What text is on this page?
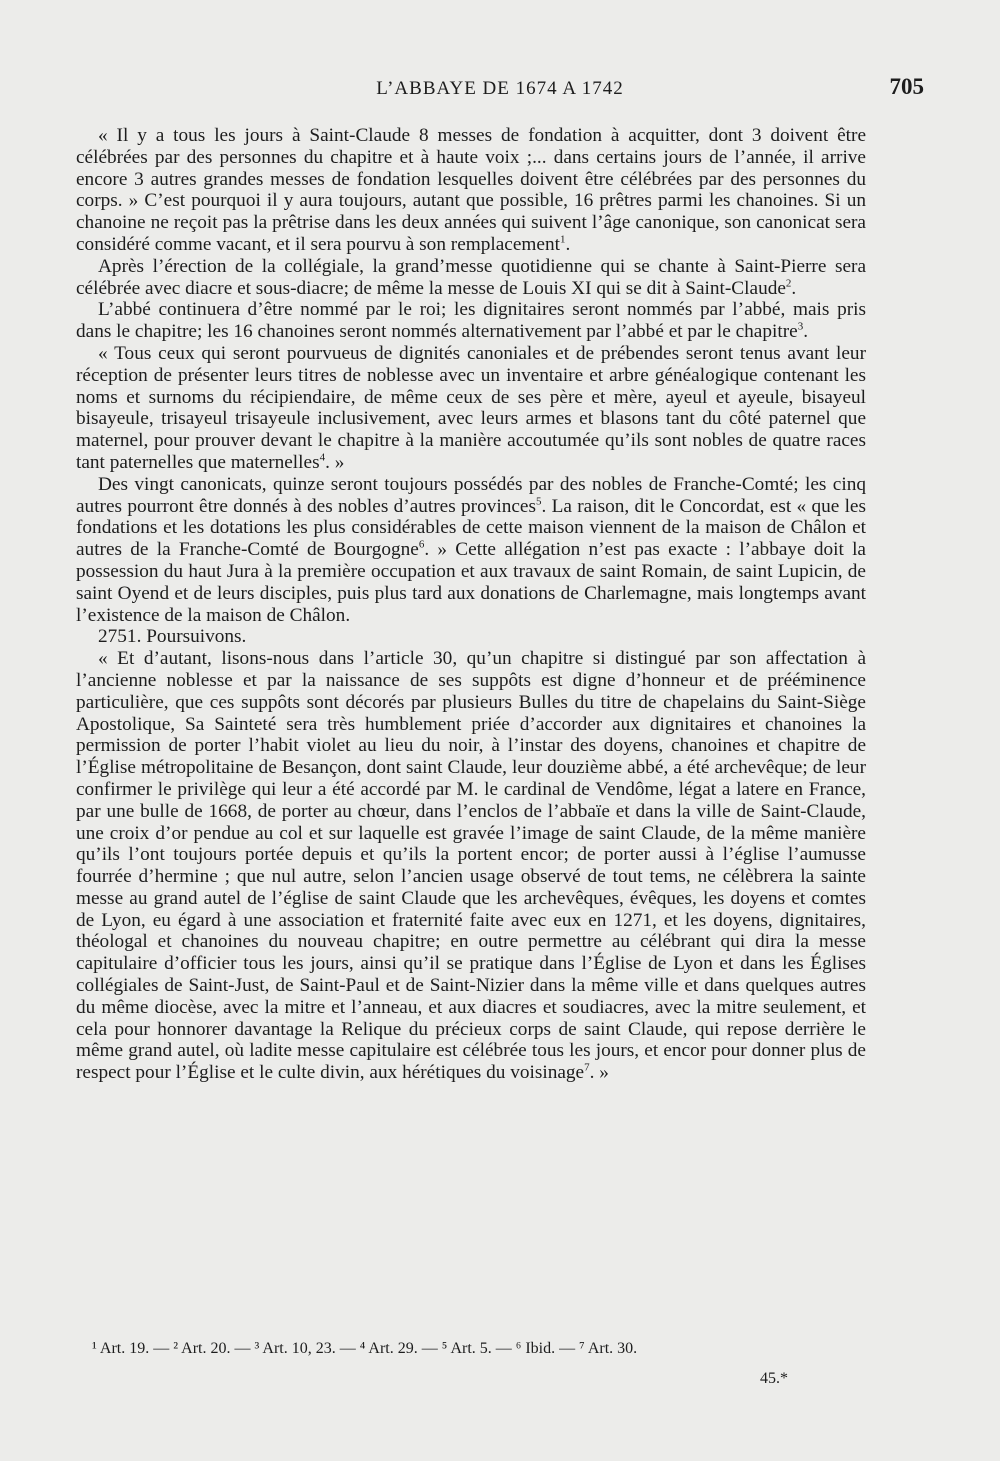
L’ABBAYE DE 1674 A 1742	705

« Il y a tous les jours à Saint-Claude 8 messes de fondation à acquitter, dont 3 doivent être célébrées par des personnes du chapitre et à haute voix ;... dans certains jours de l’année, il arrive encore 3 autres grandes messes de fondation lesquelles doivent être célébrées par des personnes du corps. » C’est pourquoi il y aura toujours, autant que possible, 16 prêtres parmi les chanoines. Si un chanoine ne reçoit pas la prêtrise dans les deux années qui suivent l’âge canonique, son canonicat sera considéré comme vacant, et il sera pourvu à son remplacement$^1$.

Après l’érection de la collégiale, la grand’messe quotidienne qui se chante à Saint-Pierre sera célébrée avec diacre et sous-diacre; de même la messe de Louis XI qui se dit à Saint-Claude$^2$.

L’abbé continuera d’être nommé par le roi; les dignitaires seront nommés par l’abbé, mais pris dans le chapitre; les 16 chanoines seront nommés alternativement par l’abbé et par le chapitre$^3$.

« Tous ceux qui seront pourvueus de dignités canoniales et de prébendes seront tenus avant leur réception de présenter leurs titres de noblesse avec un inventaire et arbre généalogique contenant les noms et surnoms du récipiendaire, de même ceux de ses père et mère, ayeul et ayeule, bisayeul bisayeule, trisayeul trisayeule inclusivement, avec leurs armes et blasons tant du côté paternel que maternel, pour prouver devant le chapitre à la manière accoutumée qu’ils sont nobles de quatre races tant paternelles que maternelles$^4$. »

Des vingt canonicats, quinze seront toujours possédés par des nobles de Franche-Comté; les cinq autres pourront être donnés à des nobles d’autres provinces$^5$. La raison, dit le Concordat, est « que les fondations et les dotations les plus considérables de cette maison viennent de la maison de Châlon et autres de la Franche-Comté de Bourgogne$^6$. » Cette allégation n’est pas exacte : l’abbaye doit la possession du haut Jura à la première occupation et aux travaux de saint Romain, de saint Lupicin, de saint Oyend et de leurs disciples, puis plus tard aux donations de Charlemagne, mais longtemps avant l’existence de la maison de Châlon.

2751. Poursuivons.

« Et d’autant, lisons-nous dans l’article 30, qu’un chapitre si distingué par son affectation à l’ancienne noblesse et par la naissance de ses suppôts est digne d’honneur et de prééminence particulière, que ces suppôts sont décorés par plusieurs Bulles du titre de chapelains du Saint-Siège Apostolique, Sa Sainteté sera très humblement priée d’accorder aux dignitaires et chanoines la permission de porter l’habit violet au lieu du noir, à l’instar des doyens, chanoines et chapitre de l’Église métropolitaine de Besançon, dont saint Claude, leur douzième abbé, a été archevêque; de leur confirmer le privilège qui leur a été accordé par M. le cardinal de Vendôme, légat a latere en France, par une bulle de 1668, de porter au chœur, dans l’enclos de l’abbaïe et dans la ville de Saint-Claude, une croix d’or pendue au col et sur laquelle est gravée l’image de saint Claude, de la même manière qu’ils l’ont toujours portée depuis et qu’ils la portent encor; de porter aussi à l’église l’aumusse fourrée d’hermine ; que nul autre, selon l’ancien usage observé de tout tems, ne célèbrera la sainte messe au grand autel de l’église de saint Claude que les archevêques, évêques, les doyens et comtes de Lyon, eu égard à une association et fraternité faite avec eux en 1271, et les doyens, dignitaires, théologal et chanoines du nouveau chapitre; en outre permettre au célébrant qui dira la messe capitulaire d’officier tous les jours, ainsi qu’il se pratique dans l’Église de Lyon et dans les Églises collégiales de Saint-Just, de Saint-Paul et de Saint-Nizier dans la même ville et dans quelques autres du même diocèse, avec la mitre et l’anneau, et aux diacres et soudiacres, avec la mitre seulement, et cela pour honnorer davantage la Relique du précieux corps de saint Claude, qui repose derrière le même grand autel, où ladite messe capitulaire est célébrée tous les jours, et encor pour donner plus de respect pour l’Église et le culte divin, aux hérétiques du voisinage$^7$. »

¹ Art. 19. — ² Art. 20. — ³ Art. 10, 23. — ⁴ Art. 29. — ⁵ Art. 5. — ⁶ Ibid. — ⁷ Art. 30.
45.*
